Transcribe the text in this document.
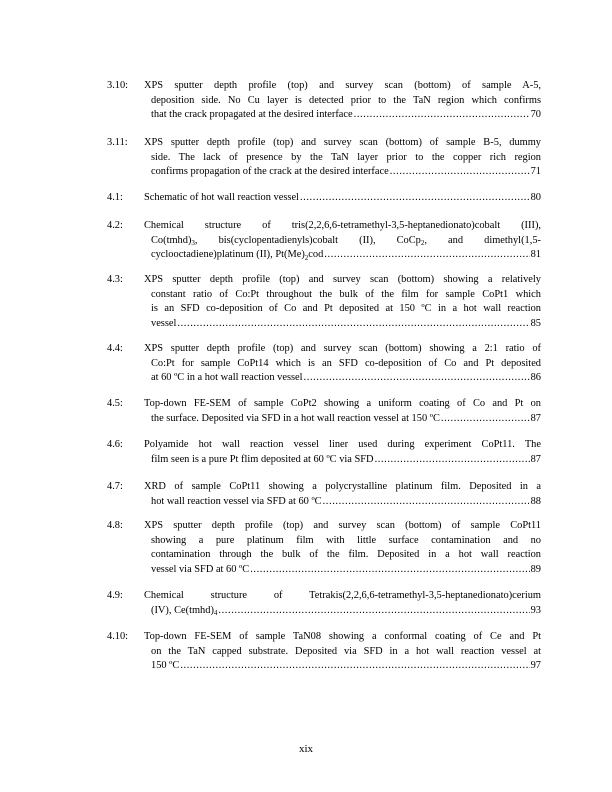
3.10:	XPS sputter depth profile (top) and survey scan (bottom) of sample A-5,
deposition side. No Cu layer is detected prior to the TaN region which confirms
that the crack propagated at the desired interface .....	70
3.11:	XPS sputter depth profile (top) and survey scan (bottom) of sample B-5, dummy
side. The lack of presence by the TaN layer prior to the copper rich region
confirms propagation of the crack at the desired interface .....	71
4.1:	Schematic of hot wall reaction vessel .....	80
4.2:	Chemical structure of tris(2,2,6,6-tetramethyl-3,5-heptanedionato)cobalt (III),
$Co(tmhd)_3$, bis(cyclopentadienyls)cobalt (II), CoCp$_2$, and dimethyl(1,5-
cyclooctadiene)platinum (II), $Pt(Me)_2cod$ .....	81
4.3:	XPS sputter depth profile (top) and survey scan (bottom) showing a relatively
constant ratio of Co:Pt throughout the bulk of the film for sample CoPt1 which
is an SFD co-deposition of Co and Pt deposited at 150 ºC in a hot wall reaction
vessel .....	85
4.4:	XPS sputter depth profile (top) and survey scan (bottom) showing a 2:1 ratio of
Co:Pt for sample CoPt14 which is an SFD co-deposition of Co and Pt deposited
at 60 ºC in a hot wall reaction vessel .....	86
4.5:	Top-down FE-SEM of sample CoPt2 showing a uniform coating of Co and Pt on
the surface. Deposited via SFD in a hot wall reaction vessel at 150 ºC .....	87
4.6:	Polyamide hot wall reaction vessel liner used during experiment CoPt11. The
film seen is a pure Pt flim deposited at 60 ºC via SFD .....	87
4.7:	XRD of sample CoPt11 showing a polycrystalline platinum film. Deposited in a
hot wall reaction vessel via SFD at 60 ºC .....	88
4.8:	XPS sputter depth profile (top) and survey scan (bottom) of sample CoPt11
showing a pure platinum film with little surface contamination and no
contamination through the bulk of the film. Deposited in a hot wall reaction
vessel via SFD at 60 ºC .....	89
4.9:	Chemical structure of Tetrakis(2,2,6,6-tetramethyl-3,5-heptanedionato)cerium
(IV), $Ce(tmhd)_4$ .....	93
4.10:	Top-down FE-SEM of sample TaN08 showing a conformal coating of Ce and Pt
on the TaN capped substrate. Deposited via SFD in a hot wall reaction vessel at
150 ºC .....	97
xix
